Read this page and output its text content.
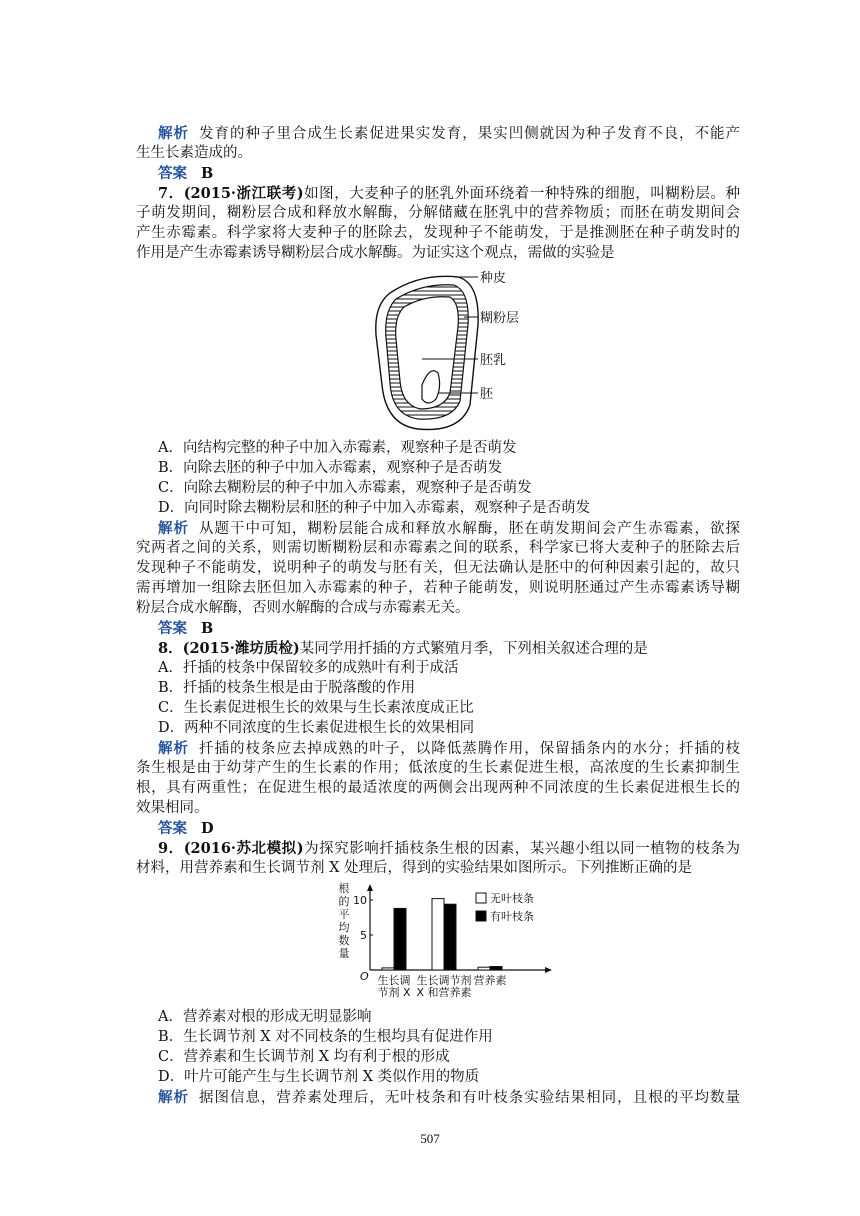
解析 发育的种子里合成生长素促进果实发育，果实凹侧就因为种子发育不良，不能产
生生长素造成的。
答案 B
7．(2015·浙江联考)如图，大麦种子的胚乳外面环绕着一种特殊的细胞，叫糊粉层。种
子萌发期间，糊粉层合成和释放水解酶，分解储藏在胚乳中的营养物质；而胚在萌发期间会
产生赤霉素。科学家将大麦种子的胚除去，发现种子不能萌发，于是推测胚在种子萌发时的
作用是产生赤霉素诱导糊粉层合成水解酶。为证实这个观点，需做的实验是
种皮
糊粉层
胚乳
胚
A．向结构完整的种子中加入赤霉素，观察种子是否萌发
B．向除去胚的种子中加入赤霉素，观察种子是否萌发
C．向除去糊粉层的种子中加入赤霉素，观察种子是否萌发
D．向同时除去糊粉层和胚的种子中加入赤霉素，观察种子是否萌发
解析 从题干中可知，糊粉层能合成和释放水解酶，胚在萌发期间会产生赤霉素，欲探
究两者之间的关系，则需切断糊粉层和赤霉素之间的联系，科学家已将大麦种子的胚除去后
发现种子不能萌发，说明种子的萌发与胚有关，但无法确认是胚中的何种因素引起的，故只
需再增加一组除去胚但加入赤霉素的种子，若种子能萌发，则说明胚通过产生赤霉素诱导糊
粉层合成水解酶，否则水解酶的合成与赤霉素无关。
答案 B
8．(2015·潍坊质检)某同学用扦插的方式繁殖月季，下列相关叙述合理的是
A．扦插的枝条中保留较多的成熟叶有利于成活
B．扦插的枝条生根是由于脱落酸的作用
C．生长素促进根生长的效果与生长素浓度成正比
D．两种不同浓度的生长素促进根生长的效果相同
解析 扦插的枝条应去掉成熟的叶子，以降低蒸腾作用，保留插条内的水分；扦插的枝
条生根是由于幼芽产生的生长素的作用；低浓度的生长素促进生根，高浓度的生长素抑制生
根，具有两重性；在促进生根的最适浓度的两侧会出现两种不同浓度的生长素促进根生长的
效果相同。
答案 D
9．(2016·苏北模拟)为探究影响扦插枝条生根的因素，某兴趣小组以同一植物的枝条为
材料，用营养素和生长调节剂 X 处理后，得到的实验结果如图所示。下列推断正确的是
根
的
平
均
数
量
O
5
10
生长调
节剂 X
生长调节剂
X 和营养素
营养素
无叶枝条
有叶枝条
A．营养素对根的形成无明显影响
B．生长调节剂 X 对不同枝条的生根均具有促进作用
C．营养素和生长调节剂 X 均有利于根的形成
D．叶片可能产生与生长调节剂 X 类似作用的物质
解析 据图信息，营养素处理后，无叶枝条和有叶枝条实验结果相同，且根的平均数量
507
